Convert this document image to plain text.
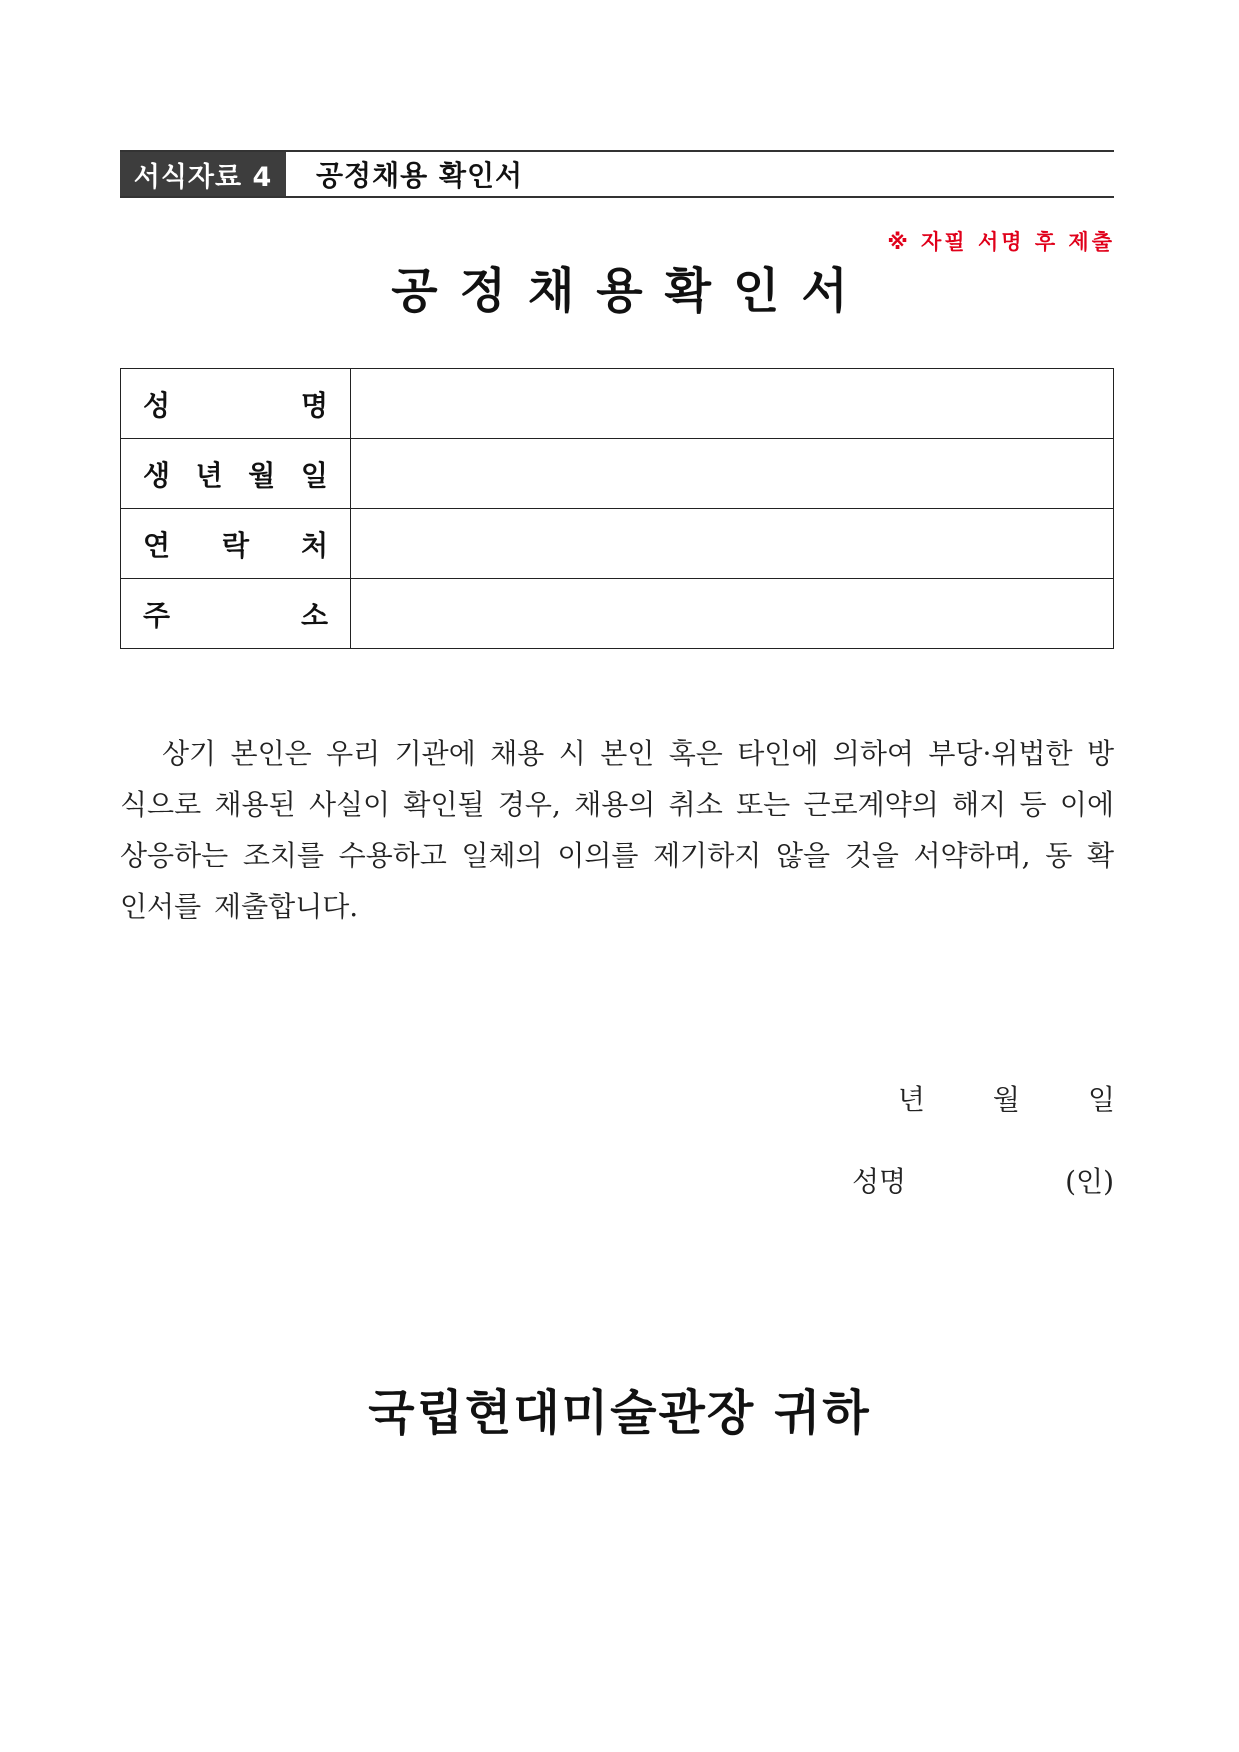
서식자료 4	공정채용 확인서
※ 자필 서명 후 제출
공정채용확인서
성 명	

생 년 월 일	

연 락 처	

주 소	

상기 본인은 우리 기관에 채용 시 본인 혹은 타인에 의하여 부당·위법한 방식으로 채용된 사실이 확인될 경우, 채용의 취소 또는 근로계약의 해지 등 이에 상응하는 조치를 수용하고 일체의 이의를 제기하지 않을 것을 서약하며, 동 확인서를 제출합니다.
년 월 일
성명	(인)
국립현대미술관장 귀하
